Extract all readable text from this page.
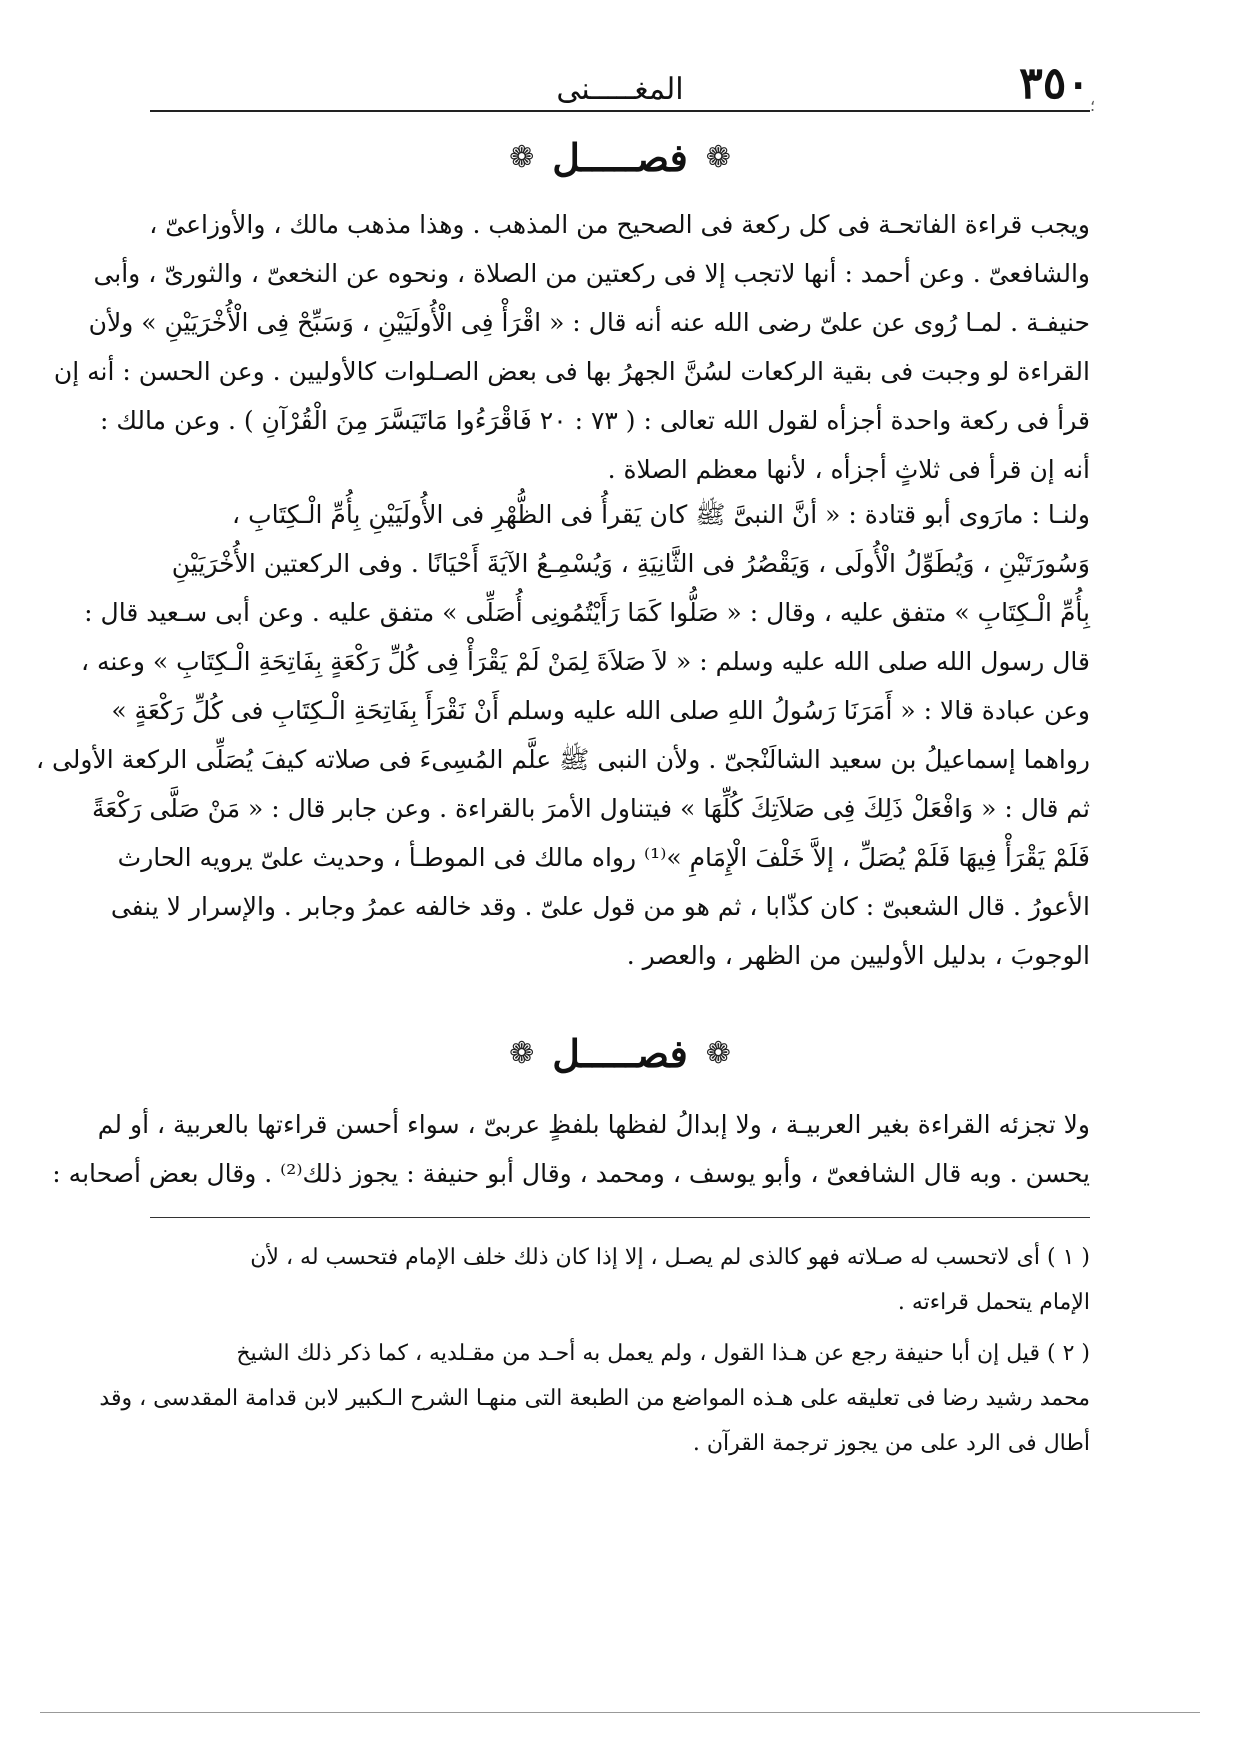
٣٥٠
المغـــــنى	؛
❁
فصـــــل
❁
ويجب قراءة الفاتحـة فى كل ركعة فى الصحيح من المذهب . وهذا مذهب مالك ، والأوزاعىّ ،
والشافعىّ . وعن أحمد : أنها لاتجب إلا فى ركعتين من الصلاة ، ونحوه عن النخعىّ ، والثورىّ ، وأبى
حنيفـة . لمـا رُوى عن علىّ رضى الله عنه أنه قال : « اقْرَأْ فِى الْأُولَيَيْنِ ، وَسَبِّحْ فِى الْأُخْرَيَيْنِ » ولأن
القراءة لو وجبت فى بقية الركعات لسُنَّ الجهرُ بها فى بعض الصـلوات كالأوليين . وعن الحسن : أنه إن
قرأ فى ركعة واحدة أجزأه لقول الله تعالى : ( ٧٣ : ٢٠ فَاقْرَءُوا مَاتَيَسَّرَ مِنَ الْقُرْآنِ ) . وعن مالك :
أنه إن قرأ فى ثلاثٍ أجزأه ، لأنها معظم الصلاة .
ولنـا : مارَوى أبو قتادة : « أنَّ النبىَّ ﷺ كان يَقرأُ فى الظُّهْرِ فى الأُولَيَيْنِ بِأُمِّ الْـكِتَابِ ،
وَسُورَتَيْنِ ، وَيُطَوِّلُ الْأُولَى ، وَيَقْصُرُ فى الثَّانِيَةِ ، وَيُسْمِـعُ الآيَةَ أَحْيَانًا . وفى الركعتين الأُخْرَيَيْنِ
بِأُمِّ الْـكِتَابِ » متفق عليه ، وقال : « صَلُّوا كَمَا رَأَيْتُمُونِى أُصَلِّى » متفق عليه . وعن أبى سـعيد قال :
قال رسول الله صلى الله عليه وسلم : « لاَ صَلاَةَ لِمَنْ لَمْ يَقْرَأْ فِى كُلِّ رَكْعَةٍ بِفَاتِحَةِ الْـكِتَابِ » وعنه ،
وعن عبادة قالا : « أَمَرَنَا رَسُولُ اللهِ صلى الله عليه وسلم أَنْ نَقْرَأَ بِفَاتِحَةِ الْـكِتَابِ فى كُلِّ رَكْعَةٍ »
رواهما إسماعيلُ بن سعيد الشالَنْجىّ . ولأن النبى ﷺ علَّم المُسِىءَ فى صلاته كيفَ يُصَلِّى الركعة الأولى ،
ثم قال : « وَافْعَلْ ذَلِكَ فِى صَلاَتِكَ كُلِّهَا » فيتناول الأمرَ بالقراءة . وعن جابر قال : « مَنْ صَلَّى رَكْعَةً
فَلَمْ يَقْرَأْ فِيهَا فَلَمْ يُصَلِّ ، إلاَّ خَلْفَ الْإِمَامِ »⁽¹⁾ رواه مالك فى الموطـأ ، وحديث علىّ يرويه الحارث
الأعورُ . قال الشعبىّ : كان كذّابا ، ثم هو من قول علىّ . وقد خالفه عمرُ وجابر . والإسرار لا ينفى
الوجوبَ ، بدليل الأوليين من الظهر ، والعصر .
❁
فصـــــل
❁
ولا تجزئه القراءة بغير العربيـة ، ولا إبدالُ لفظها بلفظٍ عربىّ ، سواء أحسن قراءتها بالعربية ، أو لم
يحسن . وبه قال الشافعىّ ، وأبو يوسف ، ومحمد ، وقال أبو حنيفة : يجوز ذلك⁽²⁾ . وقال بعض أصحابه :
( ١ ) أى لاتحسب له صـلاته فهو كالذى لم يصـل ، إلا إذا كان ذلك خلف الإمام فتحسب له ، لأن
الإمام يتحمل قراءته .
( ٢ ) قيل إن أبا حنيفة رجع عن هـذا القول ، ولم يعمل به أحـد من مقـلديه ، كما ذكر ذلك الشيخ
محمد رشيد رضا فى تعليقه على هـذه المواضع من الطبعة التى منهـا الشرح الـكبير لابن قدامة المقدسى ، وقد
أطال فى الرد على من يجوز ترجمة القرآن .
